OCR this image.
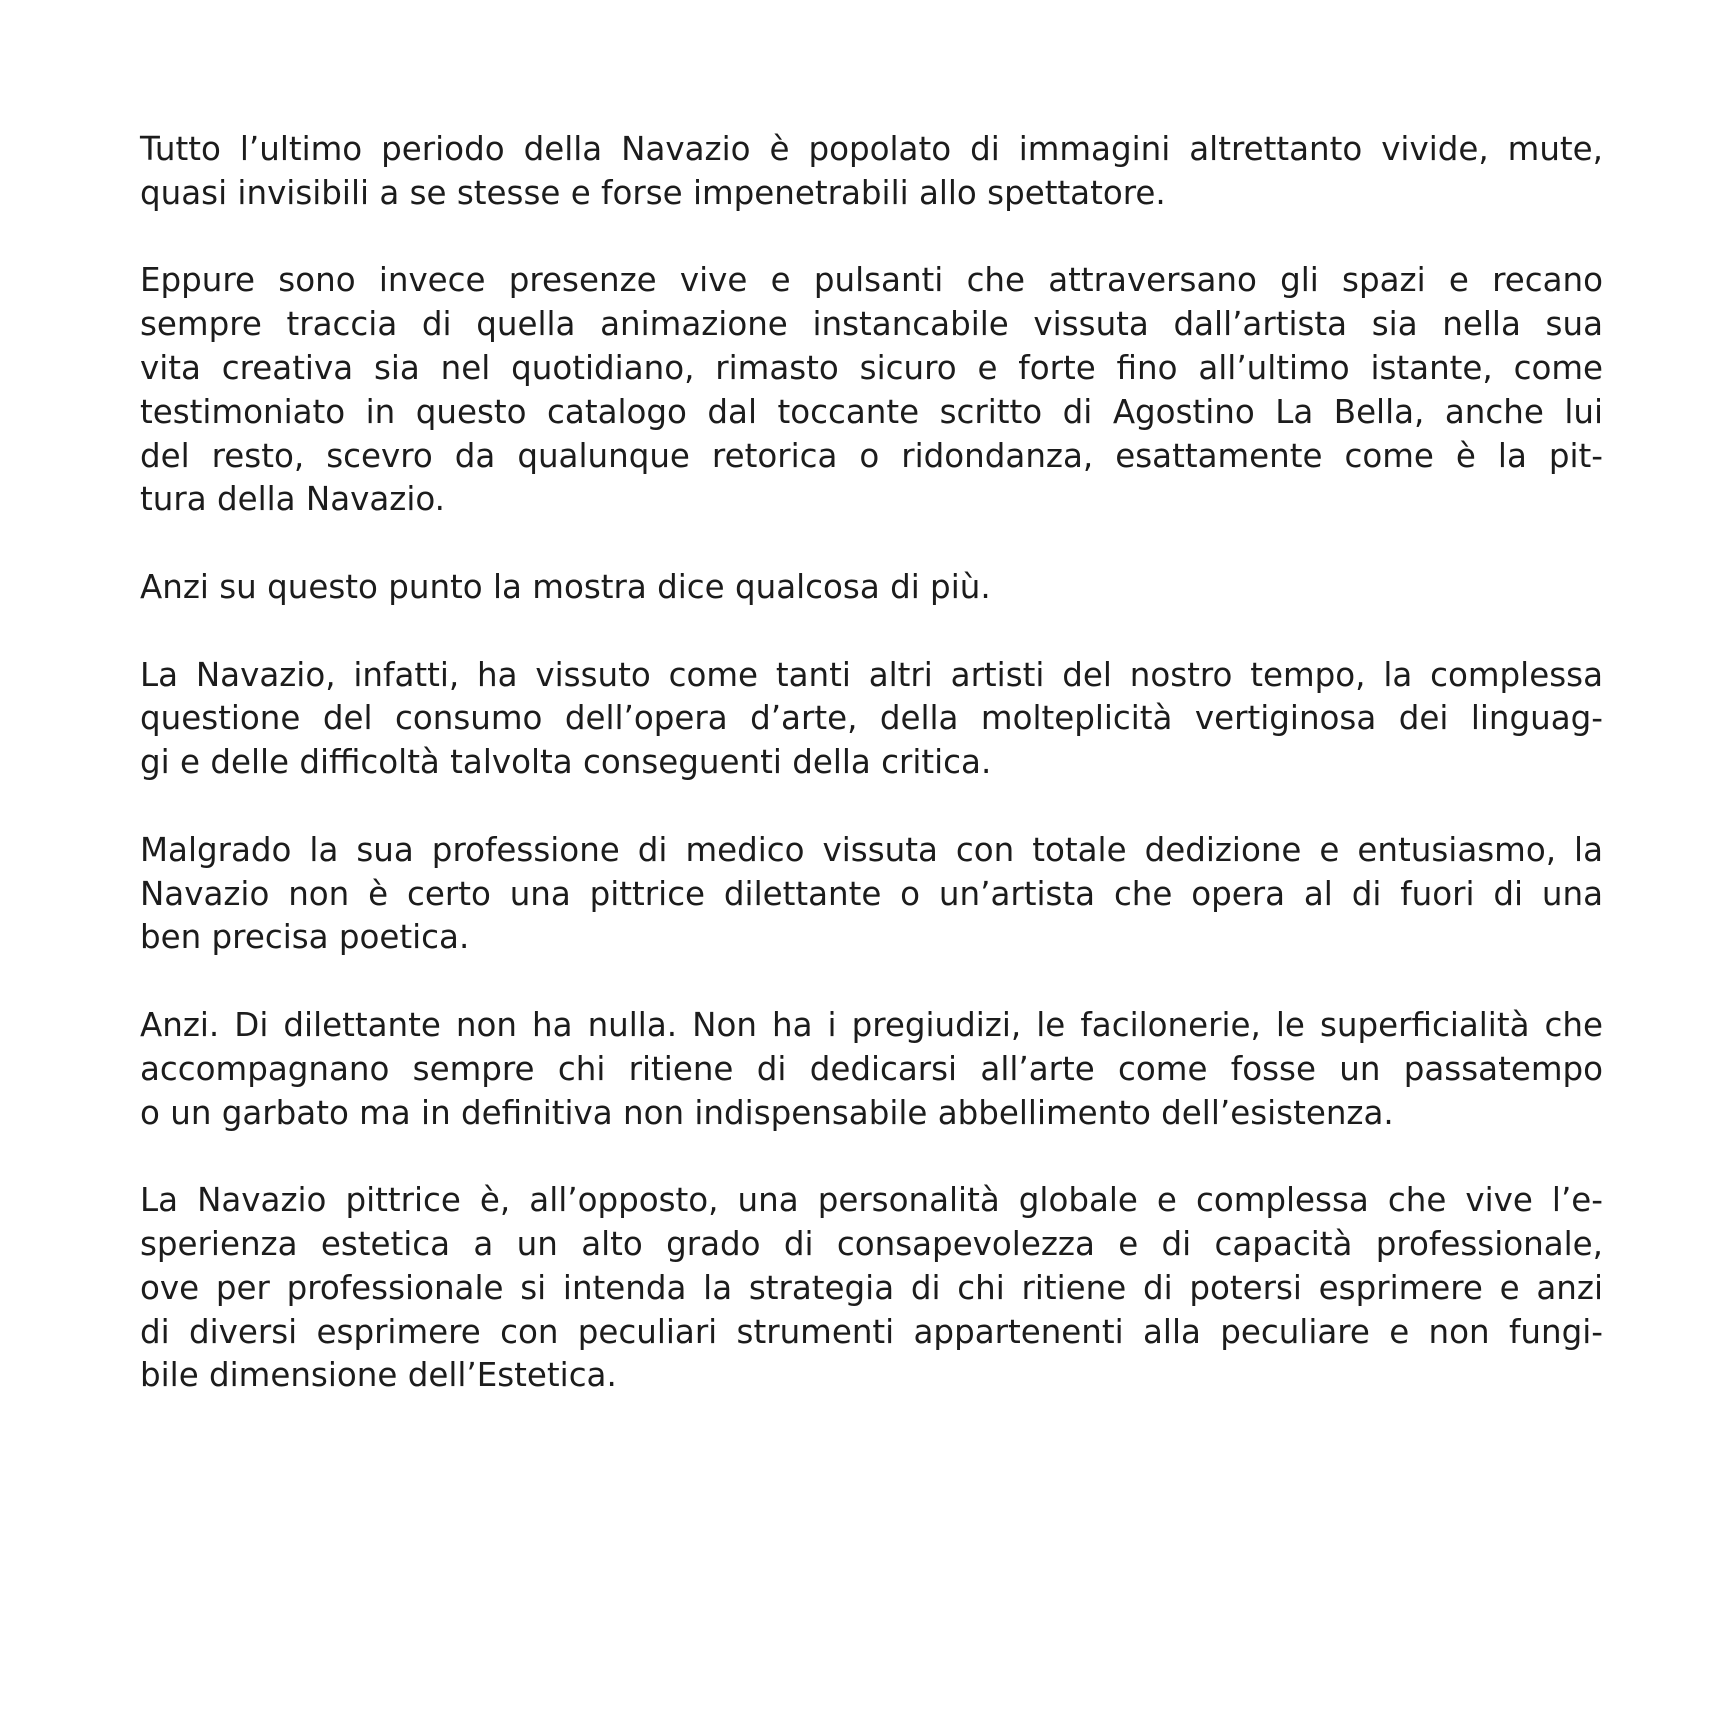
Tutto l’ultimo periodo della Navazio è popolato di immagini altrettanto vivide, mute,
quasi invisibili a se stesse e forse impenetrabili allo spettatore.

Eppure sono invece presenze vive e pulsanti che attraversano gli spazi e recano
sempre traccia di quella animazione instancabile vissuta dall’artista sia nella sua
vita creativa sia nel quotidiano, rimasto sicuro e forte fino all’ultimo istante, come
testimoniato in questo catalogo dal toccante scritto di Agostino La Bella, anche lui
del resto, scevro da qualunque retorica o ridondanza, esattamente come è la pit-
tura della Navazio.

Anzi su questo punto la mostra dice qualcosa di più.

La Navazio, infatti, ha vissuto come tanti altri artisti del nostro tempo, la complessa
questione del consumo dell’opera d’arte, della molteplicità vertiginosa dei linguag-
gi e delle difficoltà talvolta conseguenti della critica.

Malgrado la sua professione di medico vissuta con totale dedizione e entusiasmo, la
Navazio non è certo una pittrice dilettante o un’artista che opera al di fuori di una
ben precisa poetica.

Anzi. Di dilettante non ha nulla. Non ha i pregiudizi, le facilonerie, le superficialità che
accompagnano sempre chi ritiene di dedicarsi all’arte come fosse un passatempo
o un garbato ma in definitiva non indispensabile abbellimento dell’esistenza.

La Navazio pittrice è, all’opposto, una personalità globale e complessa che vive l’e-
sperienza estetica a un alto grado di consapevolezza e di capacità professionale,
ove per professionale si intenda la strategia di chi ritiene di potersi esprimere e anzi
di diversi esprimere con peculiari strumenti appartenenti alla peculiare e non fungi-
bile dimensione dell’Estetica.
